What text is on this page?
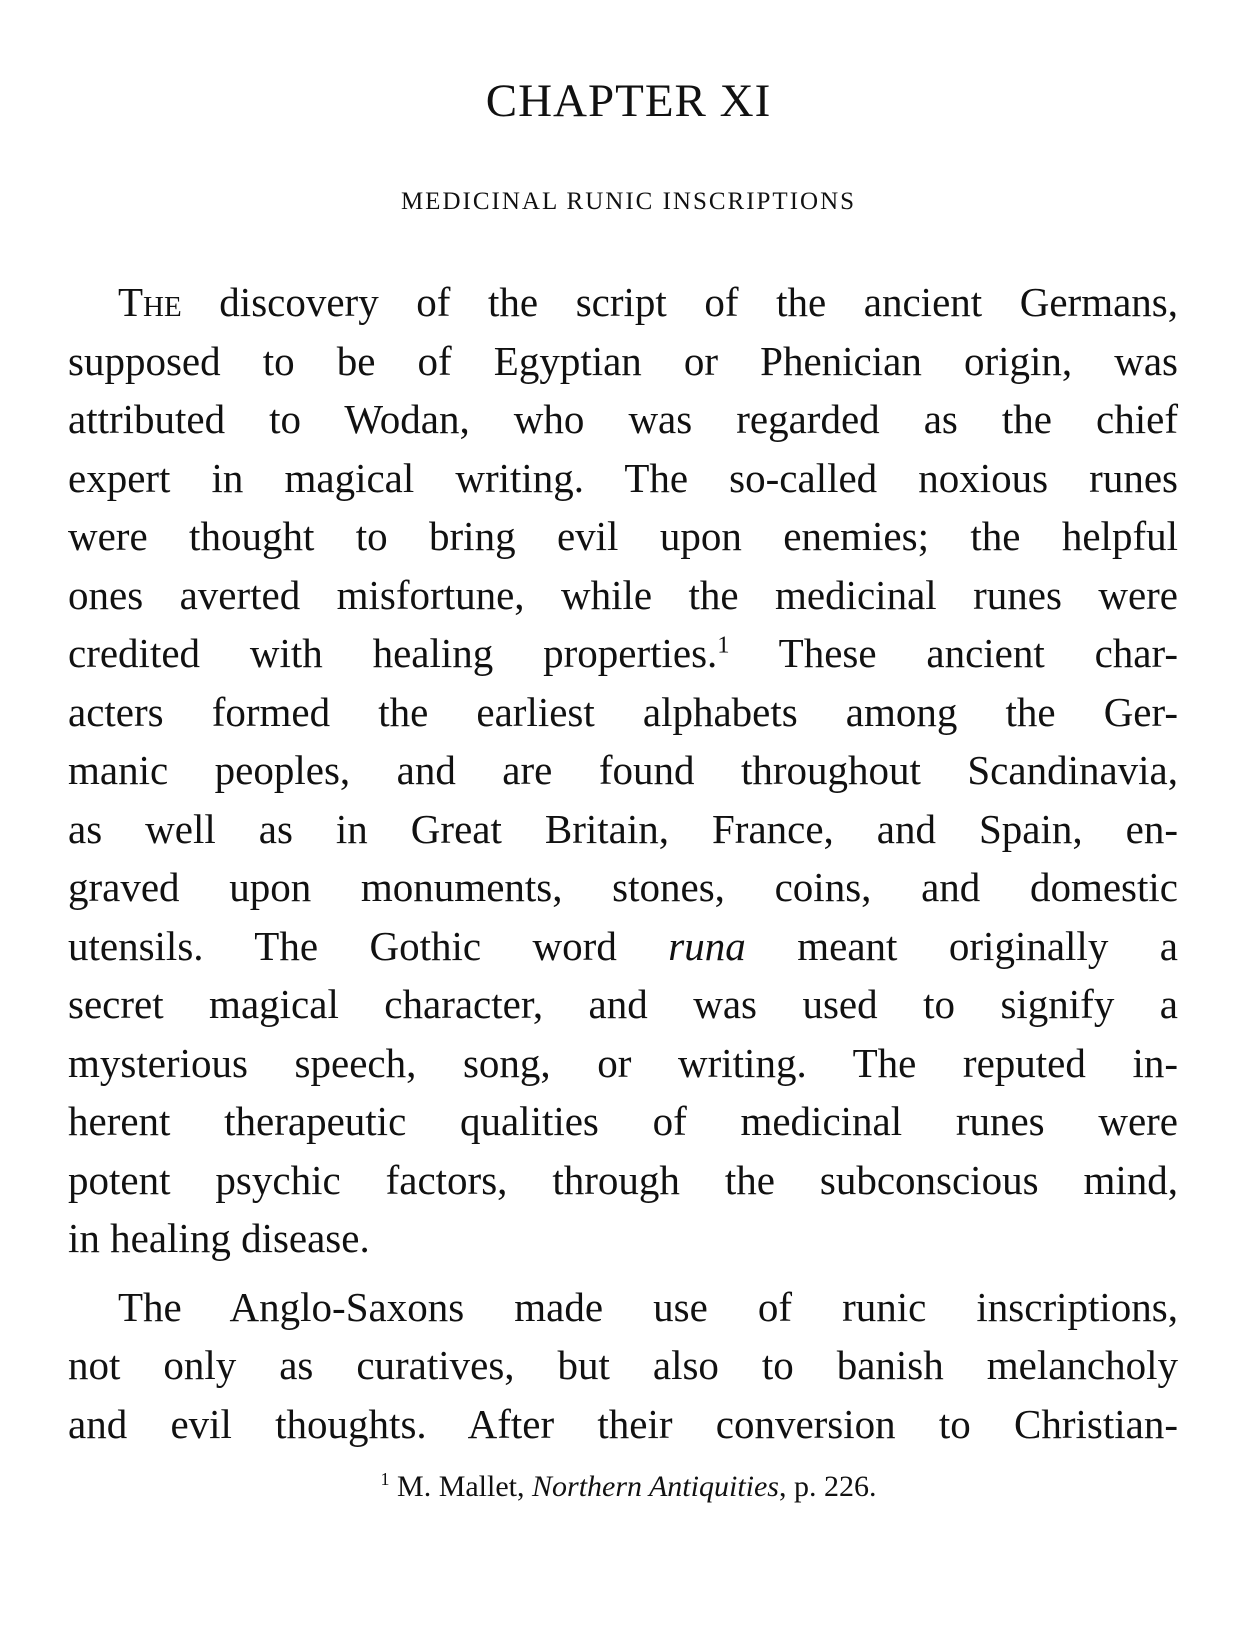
CHAPTER XI
MEDICINAL RUNIC INSCRIPTIONS
The discovery of the script of the ancient Germans,
supposed to be of Egyptian or Phenician origin, was
attributed to Wodan, who was regarded as the chief
expert in magical writing. The so-called noxious runes
were thought to bring evil upon enemies; the helpful
ones averted misfortune, while the medicinal runes were
credited with healing properties.$^1$ These ancient char-
acters formed the earliest alphabets among the Ger-
manic peoples, and are found throughout Scandinavia,
as well as in Great Britain, France, and Spain, en-
graved upon monuments, stones, coins, and domestic
utensils. The Gothic word runa meant originally a
secret magical character, and was used to signify a
mysterious speech, song, or writing. The reputed in-
herent therapeutic qualities of medicinal runes were
potent psychic factors, through the subconscious mind,
in healing disease.
The Anglo-Saxons made use of runic inscriptions,
not only as curatives, but also to banish melancholy
and evil thoughts. After their conversion to Christian-

$^1$ M. Mallet, Northern Antiquities, p. 226.
